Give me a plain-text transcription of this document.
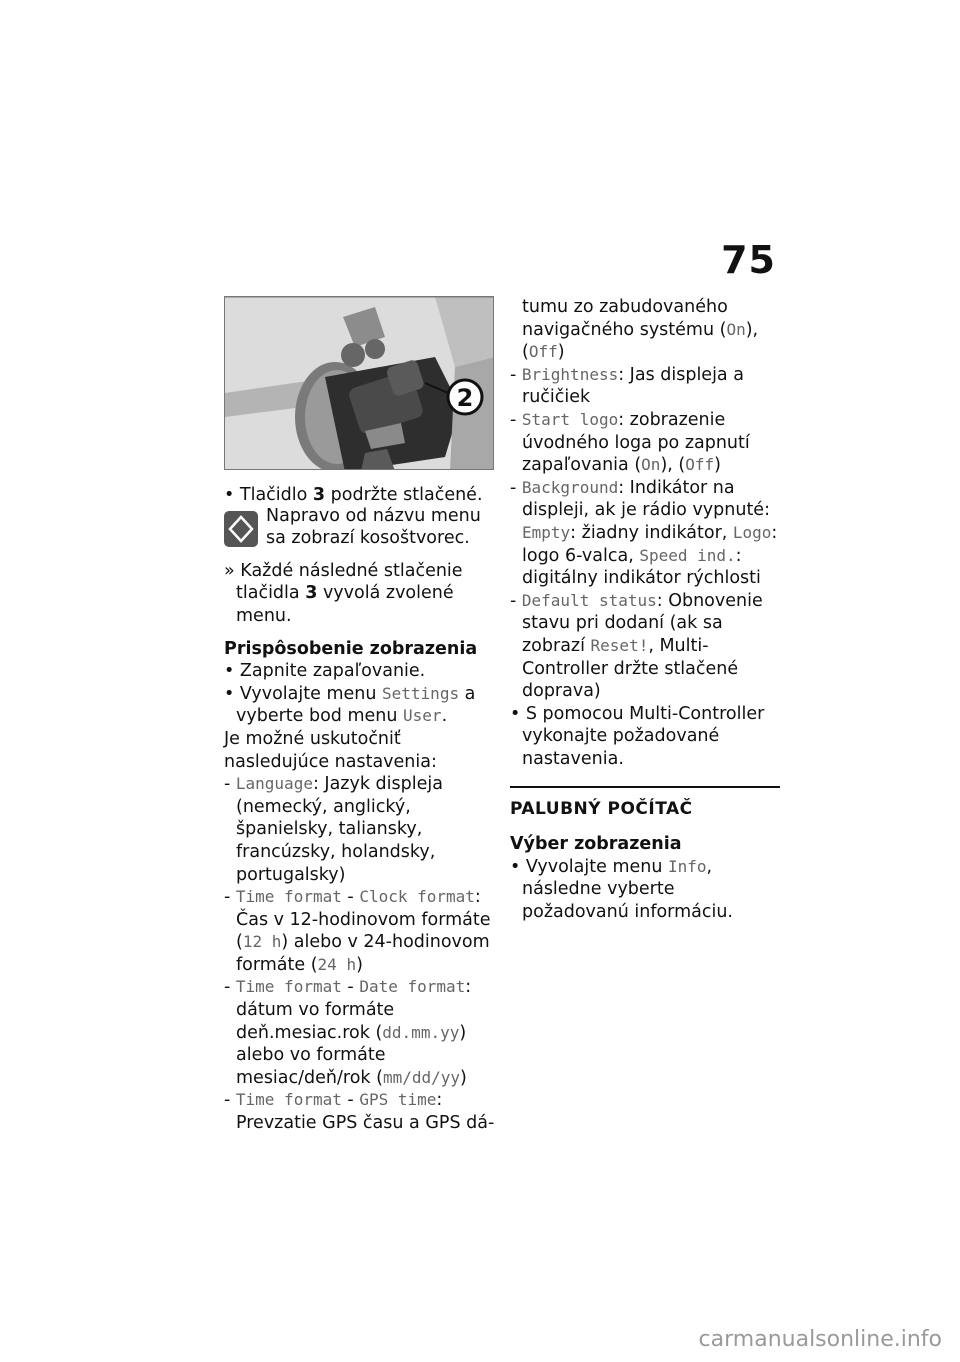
75
2
• Tlačidlo 3 podržte stlačené.
Napravo od názvu menu sa zobrazí kosoštvorec.
» Každé následné stlačenie tlačidla 3 vyvolá zvolené menu.
Prispôsobenie zobrazenia
• Zapnite zapaľovanie.
• Vyvolajte menu Settings a vyberte bod menu User.
Je možné uskutočniť nasledujúce nastavenia:
- Language: Jazyk displeja (nemecký, anglický, španielsky, taliansky, francúzsky, holandsky, portugalsky)
- Time format - Clock format: Čas v 12-hodinovom formáte (12 h) alebo v 24-hodinovom formáte (24 h)
- Time format - Date format: dátum vo formáte deň.mesiac.rok (dd.mm.yy) alebo vo formáte mesiac/deň/rok (mm/dd/yy)
- Time format - GPS time: Prevzatie GPS času a GPS dá-
tumu zo zabudovaného navigačného systému (On), (Off)
- Brightness: Jas displeja a ručičiek
- Start logo: zobrazenie úvodného loga po zapnutí zapaľovania (On), (Off)
- Background: Indikátor na displeji, ak je rádio vypnuté: Empty: žiadny indikátor, Logo: logo 6-valca, Speed ind.: digitálny indikátor rýchlosti
- Default status: Obnovenie stavu pri dodaní (ak sa zobrazí Reset!, Multi-Controller držte stlačené doprava)
• S pomocou Multi-Controller vykonajte požadované nastavenia.
PALUBNÝ POČÍTAČ
Výber zobrazenia
• Vyvolajte menu Info, následne vyberte požadovanú informáciu.
carmanualsonline.info
